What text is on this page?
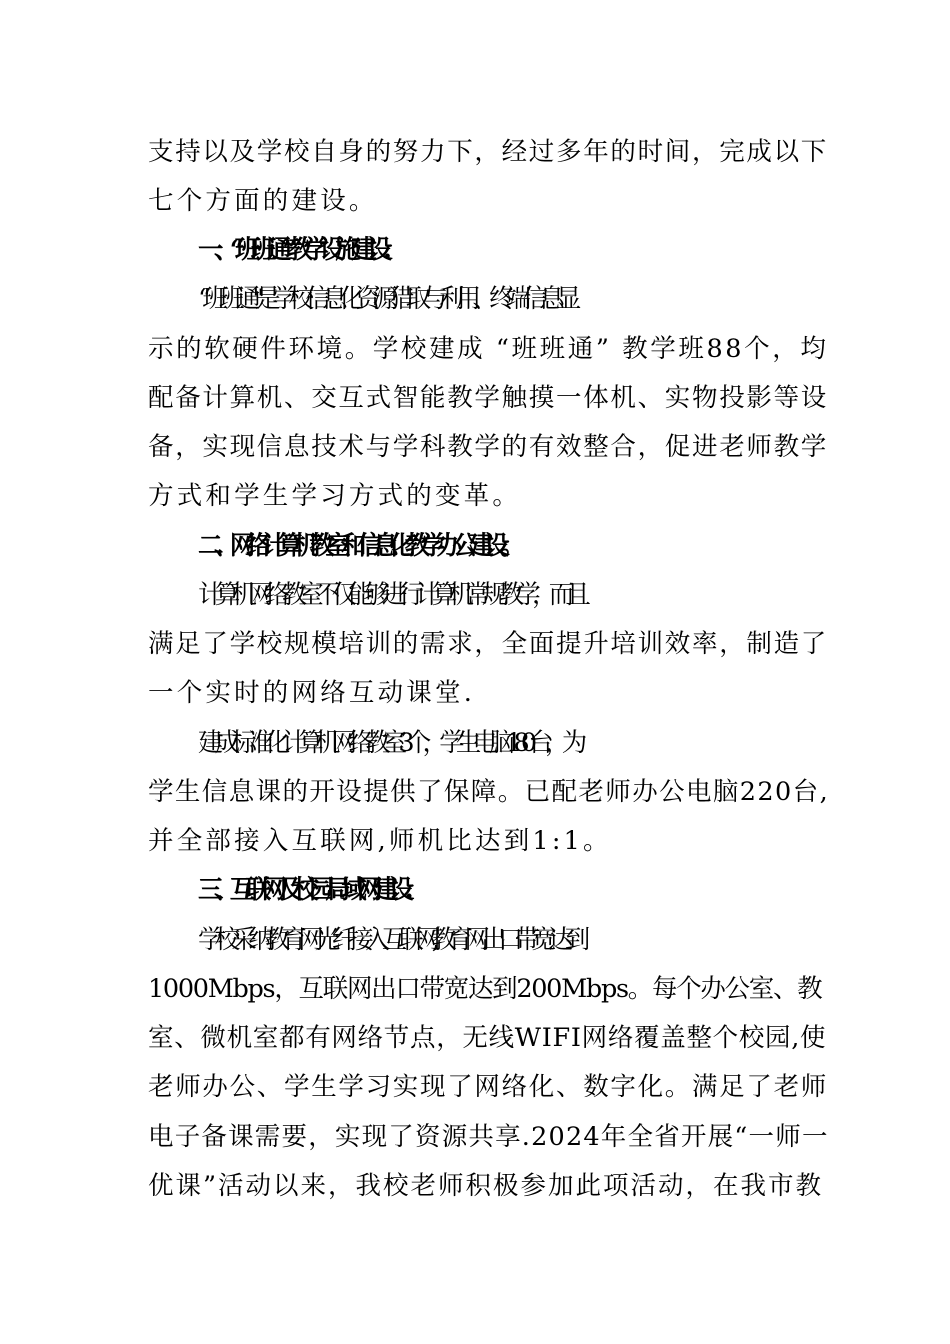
支持以及学校自身的努力下，经过多年的时间，完成以下
七个方面的建设。
一、“班班通”教学设施建设.
“班班通"是学校信息化资源猎取与利用、终端信息显
示的软硬件环境。学校建成 “班班通” 教学班88个，均
配备计算机、交互式智能教学触摸一体机、实物投影等设
备，实现信息技术与学科教学的有效整合，促进老师教学
方式和学生学习方式的变革。
二、网络计算机教室和信息化教学办公建设。
计算机网络教室不仅能够进行计算机常规教学，而且
满足了学校规模培训的需求，全面提升培训效率，制造了
一个实时的网络互动课堂.
建成标准化计算机网络教室3个，学生电脑180台，为
学生信息课的开设提供了保障。已配老师办公电脑220台,
并全部接入互联网,师机比达到1:1。
三、互联网及校园局域网建设.
学校采纳教育网光纤接入互联网,教育网出口带宽达到
1000Mbps，互联网出口带宽达到200Mbps。每个办公室、教
室、微机室都有网络节点，无线WIFI网络覆盖整个校园,使
老师办公、学生学习实现了网络化、数字化。满足了老师
电子备课需要，实现了资源共享.2024年全省开展“一师一
优课”活动以来，我校老师积极参加此项活动，在我市教
